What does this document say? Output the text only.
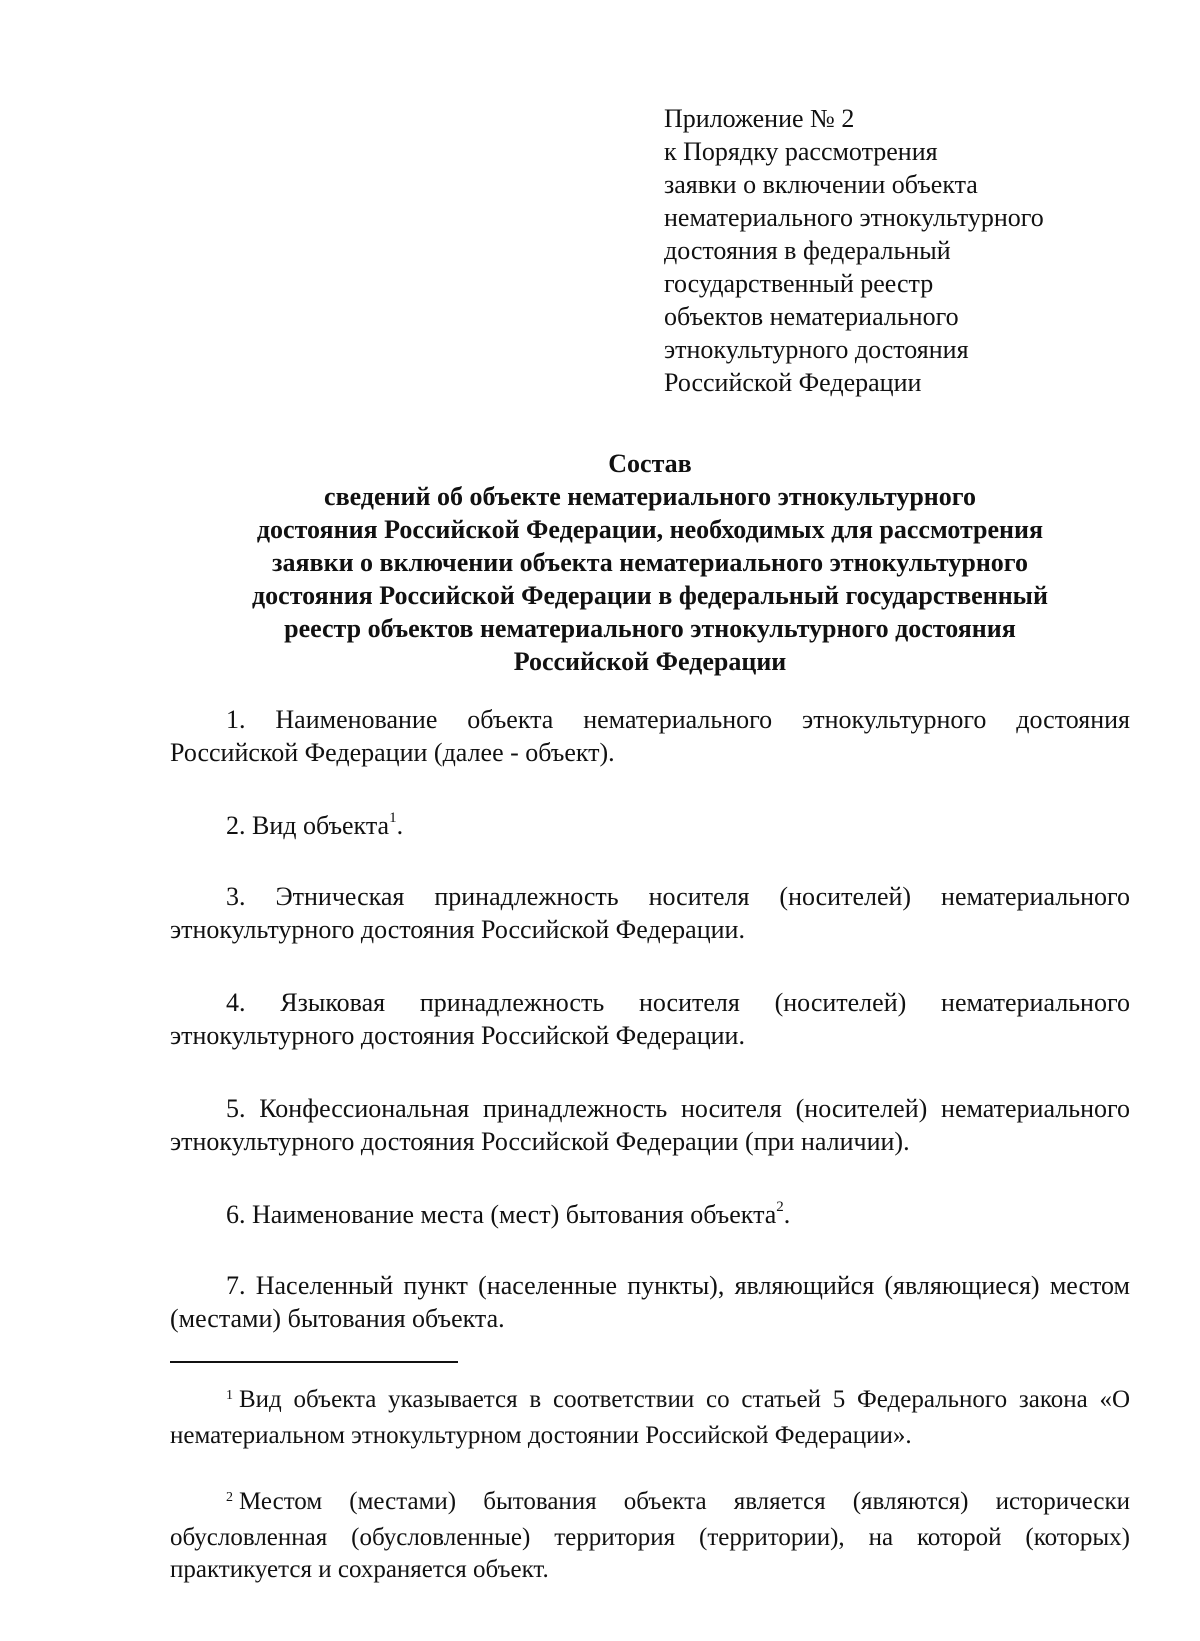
Приложение № 2
к Порядку рассмотрения
заявки о включении объекта
нематериального этнокультурного
достояния в федеральный
государственный реестр
объектов нематериального
этнокультурного достояния
Российской Федерации
Состав
сведений об объекте нематериального этнокультурного
достояния Российской Федерации, необходимых для рассмотрения
заявки о включении объекта нематериального этнокультурного
достояния Российской Федерации в федеральный государственный
реестр объектов нематериального этнокультурного достояния
Российской Федерации

1. Наименование объекта нематериального этнокультурного достояния Российской Федерации (далее - объект).

2. Вид объекта$^1$.

3. Этническая принадлежность носителя (носителей) нематериального этнокультурного достояния Российской Федерации.

4. Языковая принадлежность носителя (носителей) нематериального этнокультурного достояния Российской Федерации.

5. Конфессиональная принадлежность носителя (носителей) нематериального этнокультурного достояния Российской Федерации (при наличии).

6. Наименование места (мест) бытования объекта$^2$.

7. Населенный пункт (населенные пункты), являющийся (являющиеся) местом (местами) бытования объекта.

$^1$ Вид объекта указывается в соответствии со статьей 5 Федерального закона «О нематериальном этнокультурном достоянии Российской Федерации».

$^2$ Местом (местами) бытования объекта является (являются) исторически обусловленная (обусловленные) территория (территории), на которой (которых) практикуется и сохраняется объект.
